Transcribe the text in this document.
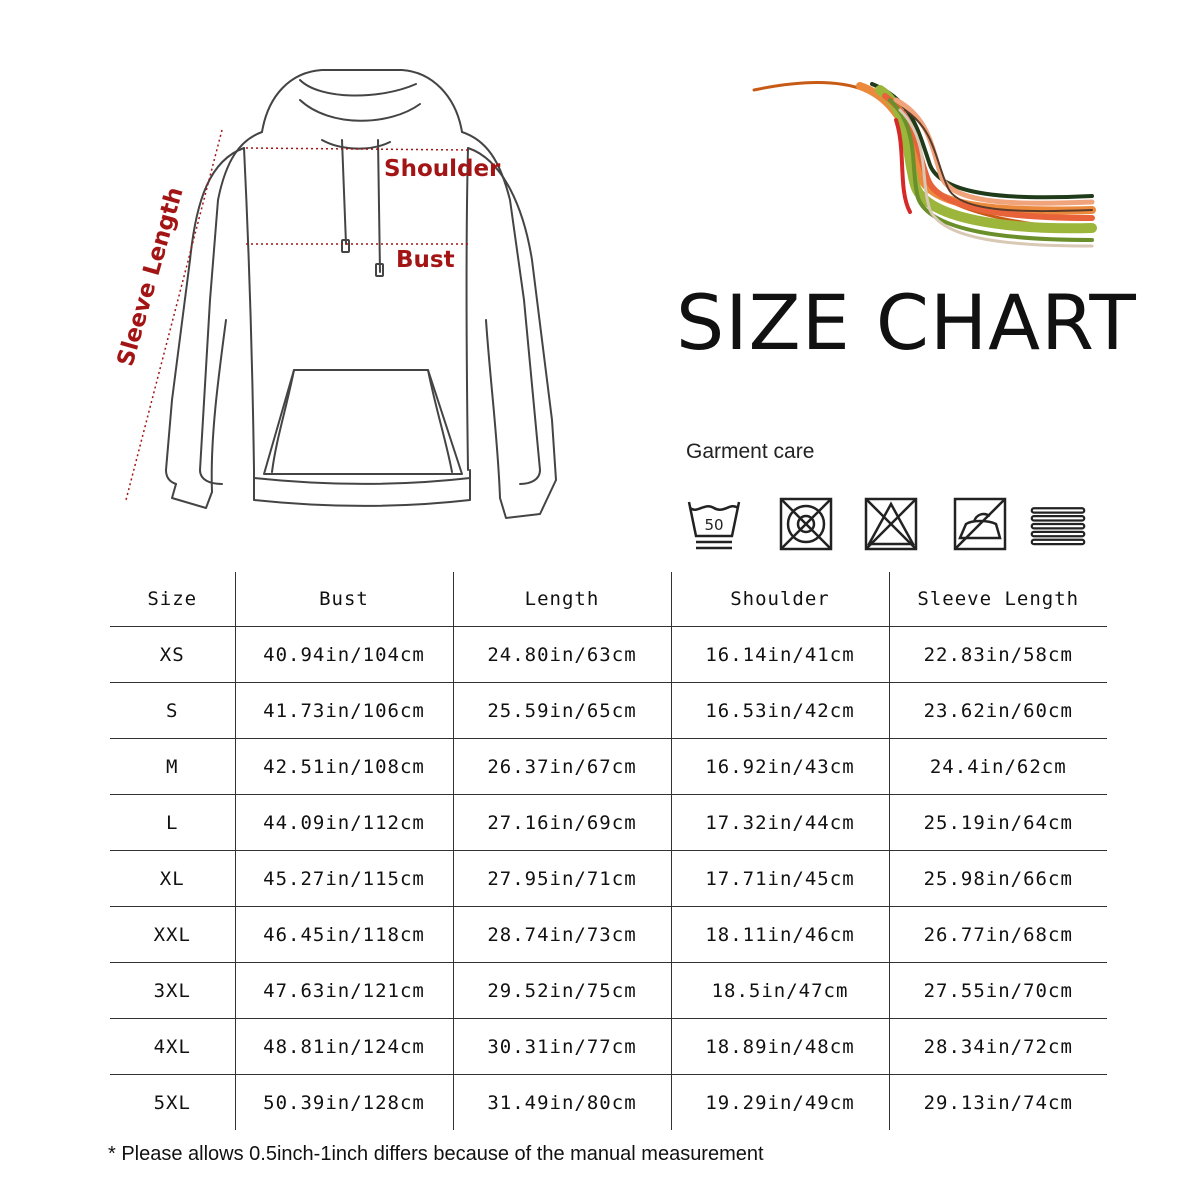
Shoulder
Bust
Sleeve Length	SIZE CHART
Garment care
50
Size	Bust	Length	Shoulder	Sleeve Length
XS	40.94in/104cm	24.80in/63cm	16.14in/41cm	22.83in/58cm
S	41.73in/106cm	25.59in/65cm	16.53in/42cm	23.62in/60cm
M	42.51in/108cm	26.37in/67cm	16.92in/43cm	24.4in/62cm
L	44.09in/112cm	27.16in/69cm	17.32in/44cm	25.19in/64cm
XL	45.27in/115cm	27.95in/71cm	17.71in/45cm	25.98in/66cm
XXL	46.45in/118cm	28.74in/73cm	18.11in/46cm	26.77in/68cm
3XL	47.63in/121cm	29.52in/75cm	18.5in/47cm	27.55in/70cm
4XL	48.81in/124cm	30.31in/77cm	18.89in/48cm	28.34in/72cm
5XL	50.39in/128cm	31.49in/80cm	19.29in/49cm	29.13in/74cm
* Please allows 0.5inch-1inch differs because of the manual measurement
